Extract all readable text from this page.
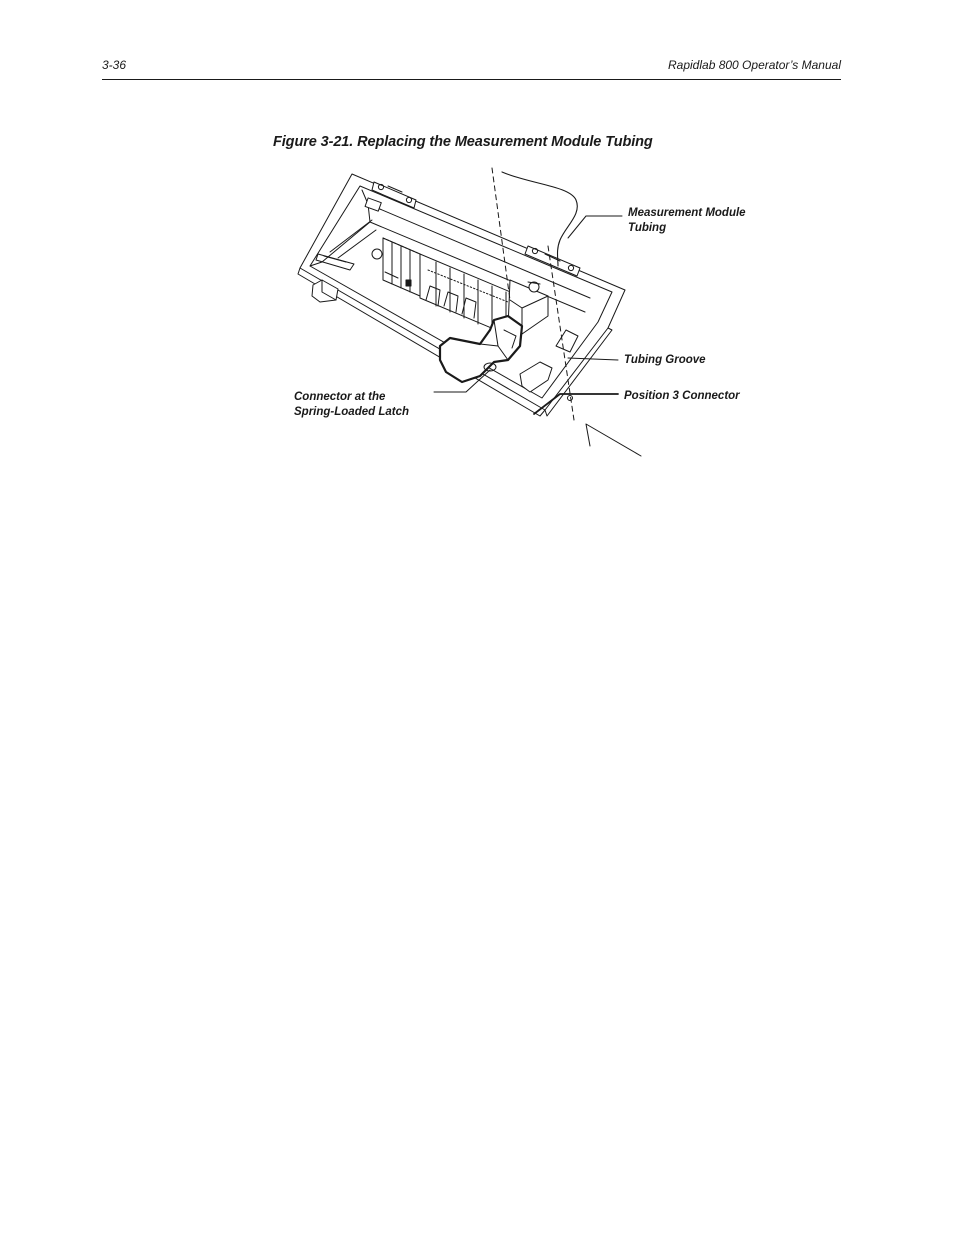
3-36	Rapidlab 800 Operator’s Manual
Figure 3-21. Replacing the Measurement Module Tubing
Measurement Module
Tubing
Tubing Groove
Position 3 Connector
Connector at the
Spring-Loaded Latch
